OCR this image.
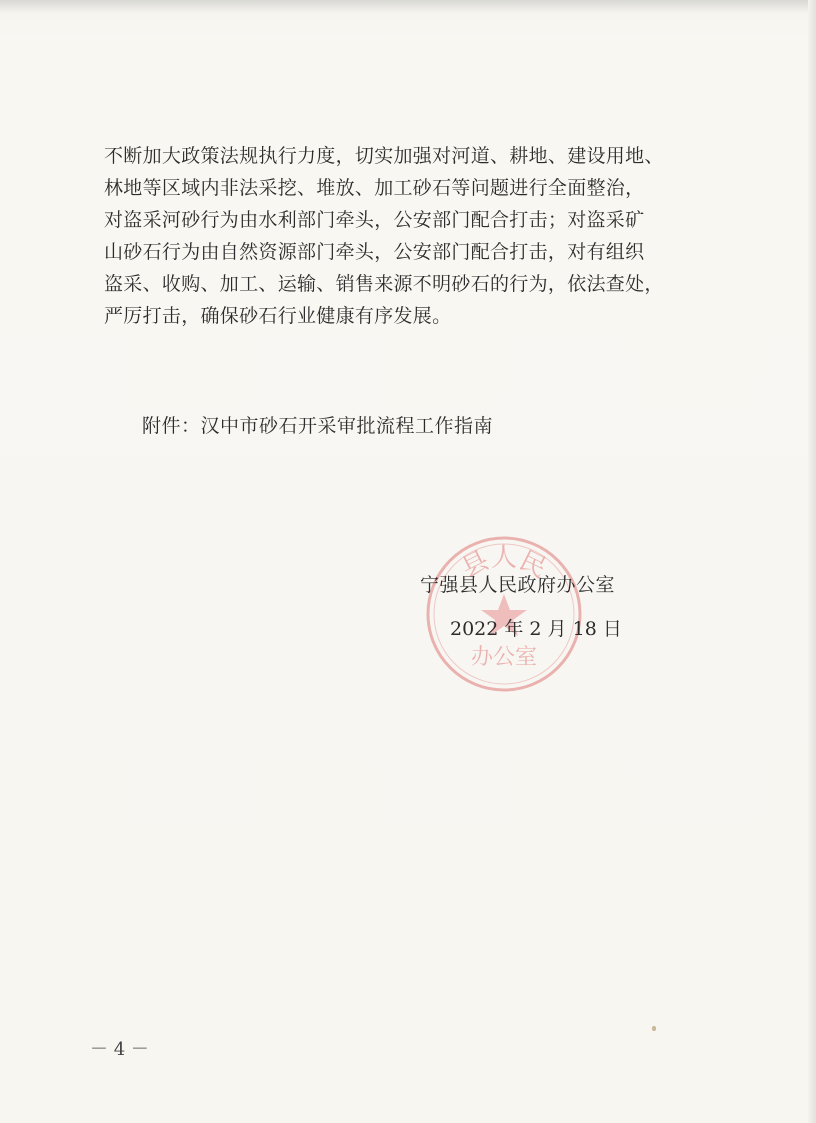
不断加大政策法规执行力度，切实加强对河道、耕地、建设用地、
林地等区域内非法采挖、堆放、加工砂石等问题进行全面整治，
对盗采河砂行为由水利部门牵头，公安部门配合打击；对盗采矿
山砂石行为由自然资源部门牵头，公安部门配合打击，对有组织
盗采、收购、加工、运输、销售来源不明砂石的行为，依法查处，
严厉打击，确保砂石行业健康有序发展。
附件：汉中市砂石开采审批流程工作指南
县人民
办公室
宁强县人民政府办公室
2022 年 2 月 18 日
－ 4 －
